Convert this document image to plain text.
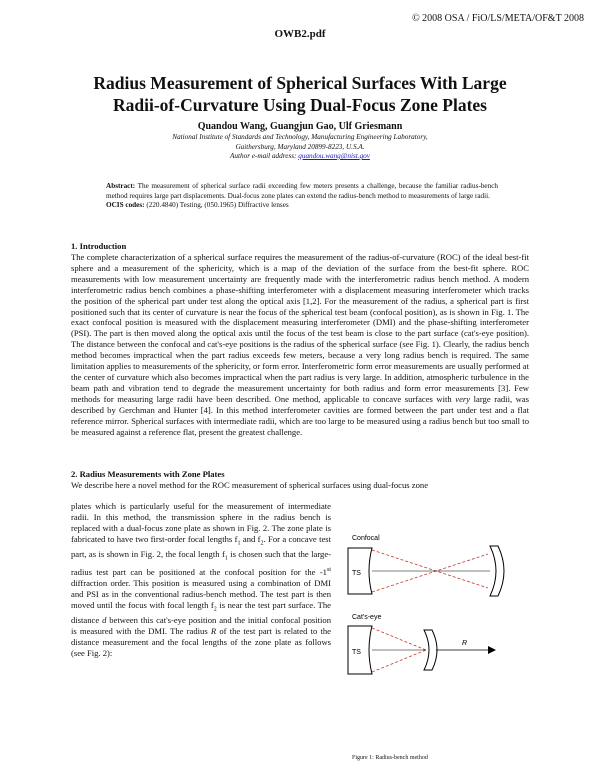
© 2008 OSA / FiO/LS/META/OF&T 2008
OWB2.pdf
Radius Measurement of Spherical Surfaces With Large
Radii-of-Curvature Using Dual-Focus Zone Plates
Quandou Wang, Guangjun Gao, Ulf Griesmann
National Institute of Standards and Technology, Manufacturing Engineering Laboratory,
Gaithersburg, Maryland 20899-8223, U.S.A.
Author e-mail address: quandou.wang@nist.gov
Abstract: The measurement of spherical surface radii exceeding few meters presents a challenge, because the familiar radius-bench method requires large part displacements. Dual-focus zone plates can extend the radius-bench method to measurements of large radii.
OCIS codes: (220.4840) Testing, (050.1965) Diffractive lenses
1. Introduction
The complete characterization of a spherical surface requires the measurement of the radius-of-curvature (ROC) of the ideal best-fit sphere and a measurement of the sphericity, which is a map of the deviation of the surface from the best-fit sphere. ROC measurements with low measurement uncertainty are frequently made with the interferometric radius bench method. A modern interferometric radius bench combines a phase-shifting interferometer with a displacement measuring interferometer which tracks the position of the spherical part under test along the optical axis [1,2]. For the measurement of the radius, a spherical part is first positioned such that its center of curvature is near the focus of the spherical test beam (confocal position), as is shown in Fig. 1. The exact confocal position is measured with the displacement measuring interferometer (DMI) and the phase-shifting interferometer (PSI). The part is then moved along the optical axis until the focus of the test beam is close to the part surface (cat's-eye position). The distance between the confocal and cat's-eye positions is the radius of the spherical surface (see Fig. 1). Clearly, the radius bench method becomes impractical when the part radius exceeds few meters, because a very long radius bench is required. The same limitation applies to measurements of the sphericity, or form error. Interferometric form error measurements are usually performed at the center of curvature which also becomes impractical when the part radius is very large. In addition, atmospheric turbulence in the beam path and vibration tend to degrade the measurement uncertainty for both radius and form error measurements [3]. Few methods for measuring large radii have been described. One method, applicable to concave surfaces with very large radii, was described by Gerchman and Hunter [4]. In this method interferometer cavities are formed between the part under test and a flat reference mirror. Spherical surfaces with intermediate radii, which are too large to be measured using a radius bench but too small to be measured against a reference flat, present the greatest challenge.
2. Radius Measurements with Zone Plates
We describe here a novel method for the ROC measurement of spherical surfaces using dual-focus zone
plates which is particularly useful for the measurement of intermediate radii. In this method, the transmission sphere in the radius bench is replaced with a dual-focus zone plate as shown in Fig. 2. The zone plate is fabricated to have two first-order focal lengths $f_1$ and $f_2$. For a concave test part, as is shown in Fig. 2, the focal length $f_1$ is chosen such that the large-radius test part can be positioned at the confocal position for the -1st diffraction order. This position is measured using a combination of DMI and PSI as in the conventional radius-bench method. The test part is then moved until the focus with focal length $f_2$ is near the test part surface. The distance d between this cat's-eye position and the initial confocal position is measured with the DMI. The radius R of the test part is related to the distance measurement and the focal lengths of the zone plate as follows (see Fig. 2):
Confocal
TS
Cat's-eye
TS
R
Figure 1: Radius-bench method
